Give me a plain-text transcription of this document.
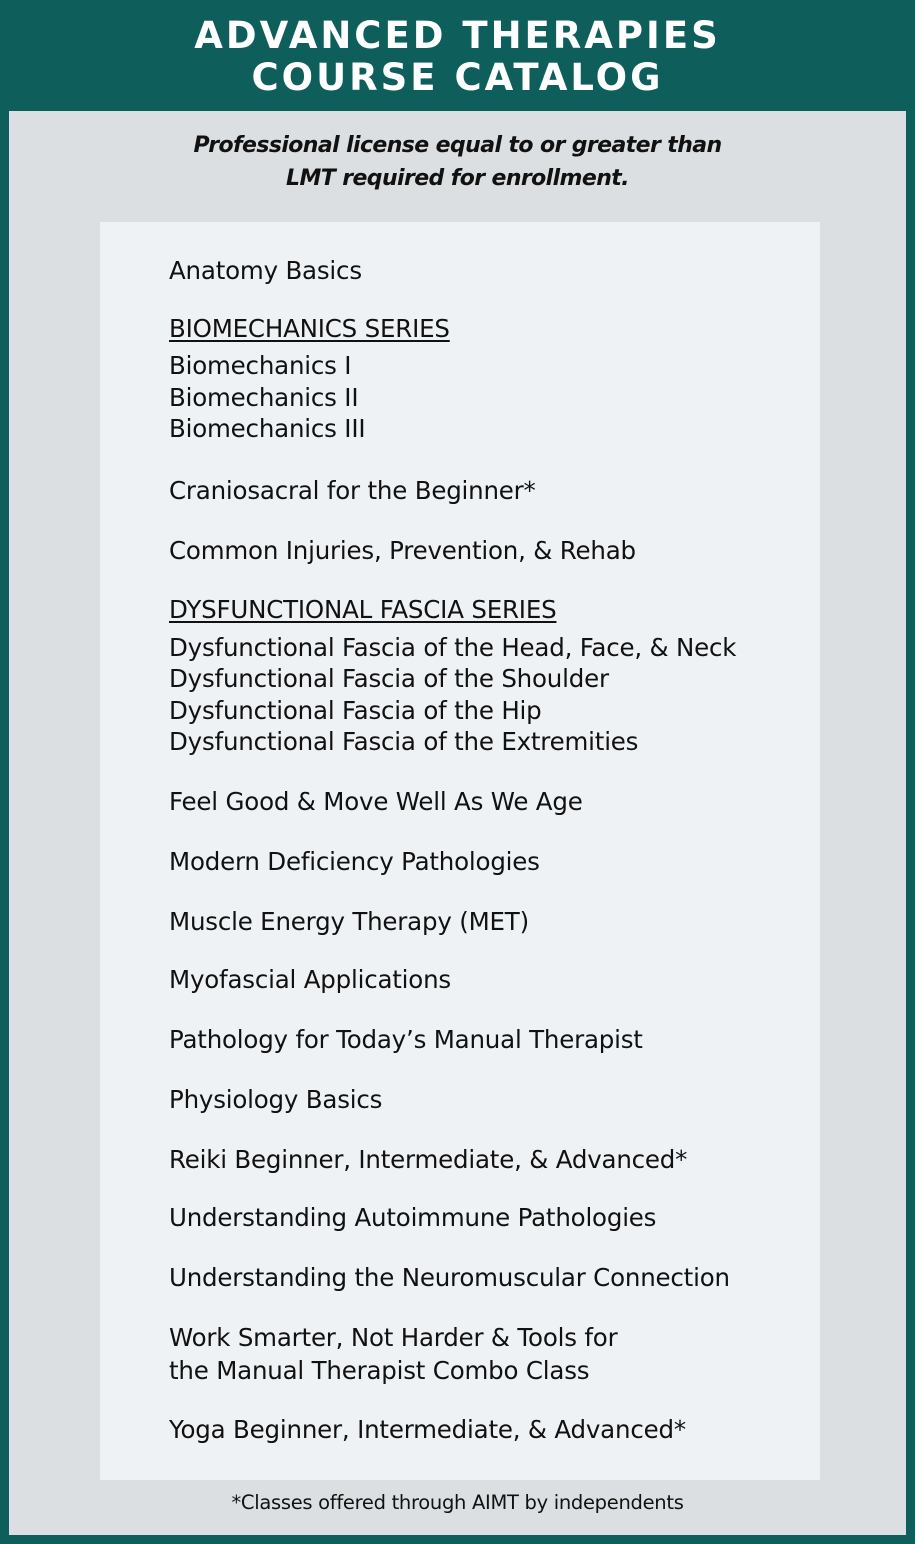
ADVANCED THERAPIES
COURSE CATALOG
Professional license equal to or greater than
LMT required for enrollment.
Anatomy Basics
BIOMECHANICS SERIES
Biomechanics I
Biomechanics II
Biomechanics III
Craniosacral for the Beginner*
Common Injuries, Prevention, & Rehab
DYSFUNCTIONAL FASCIA SERIES
Dysfunctional Fascia of the Head, Face, & Neck
Dysfunctional Fascia of the Shoulder
Dysfunctional Fascia of the Hip
Dysfunctional Fascia of the Extremities
Feel Good & Move Well As We Age
Modern Deficiency Pathologies
Muscle Energy Therapy (MET)
Myofascial Applications
Pathology for Today’s Manual Therapist
Physiology Basics
Reiki Beginner, Intermediate, & Advanced*
Understanding Autoimmune Pathologies
Understanding the Neuromuscular Connection
Work Smarter, Not Harder & Tools for
the Manual Therapist Combo Class
Yoga Beginner, Intermediate, & Advanced*
*Classes offered through AIMT by independents
